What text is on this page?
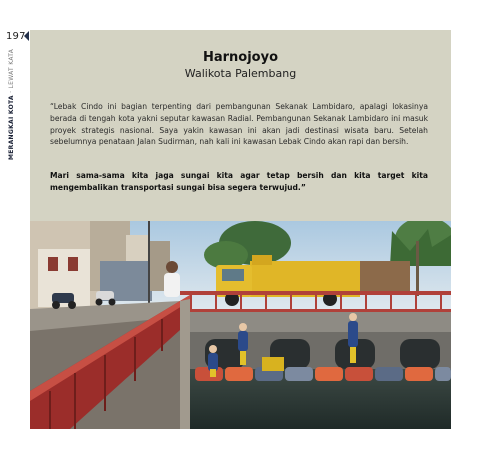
197
MERANGKAI KOTA · LEWAT KATA	Harnojoyo
Walikota Palembang

“Lebak Cindo ini bagian terpenting dari pembangunan Sekanak Lambidaro, apalagi lokasinya berada di tengah kota yakni seputar kawasan Radial. Pembangunan Sekanak Lambidaro ini masuk proyek strategis nasional. Saya yakin kawasan ini akan jadi destinasi wisata baru. Setelah sebelumnya penataan Jalan Sudirman, nah kali ini kawasan Lebak Cindo akan rapi dan bersih.

Mari sama-sama kita jaga sungai kita agar tetap bersih dan kita target kita mengembalikan transportasi sungai bisa segera terwujud.”
